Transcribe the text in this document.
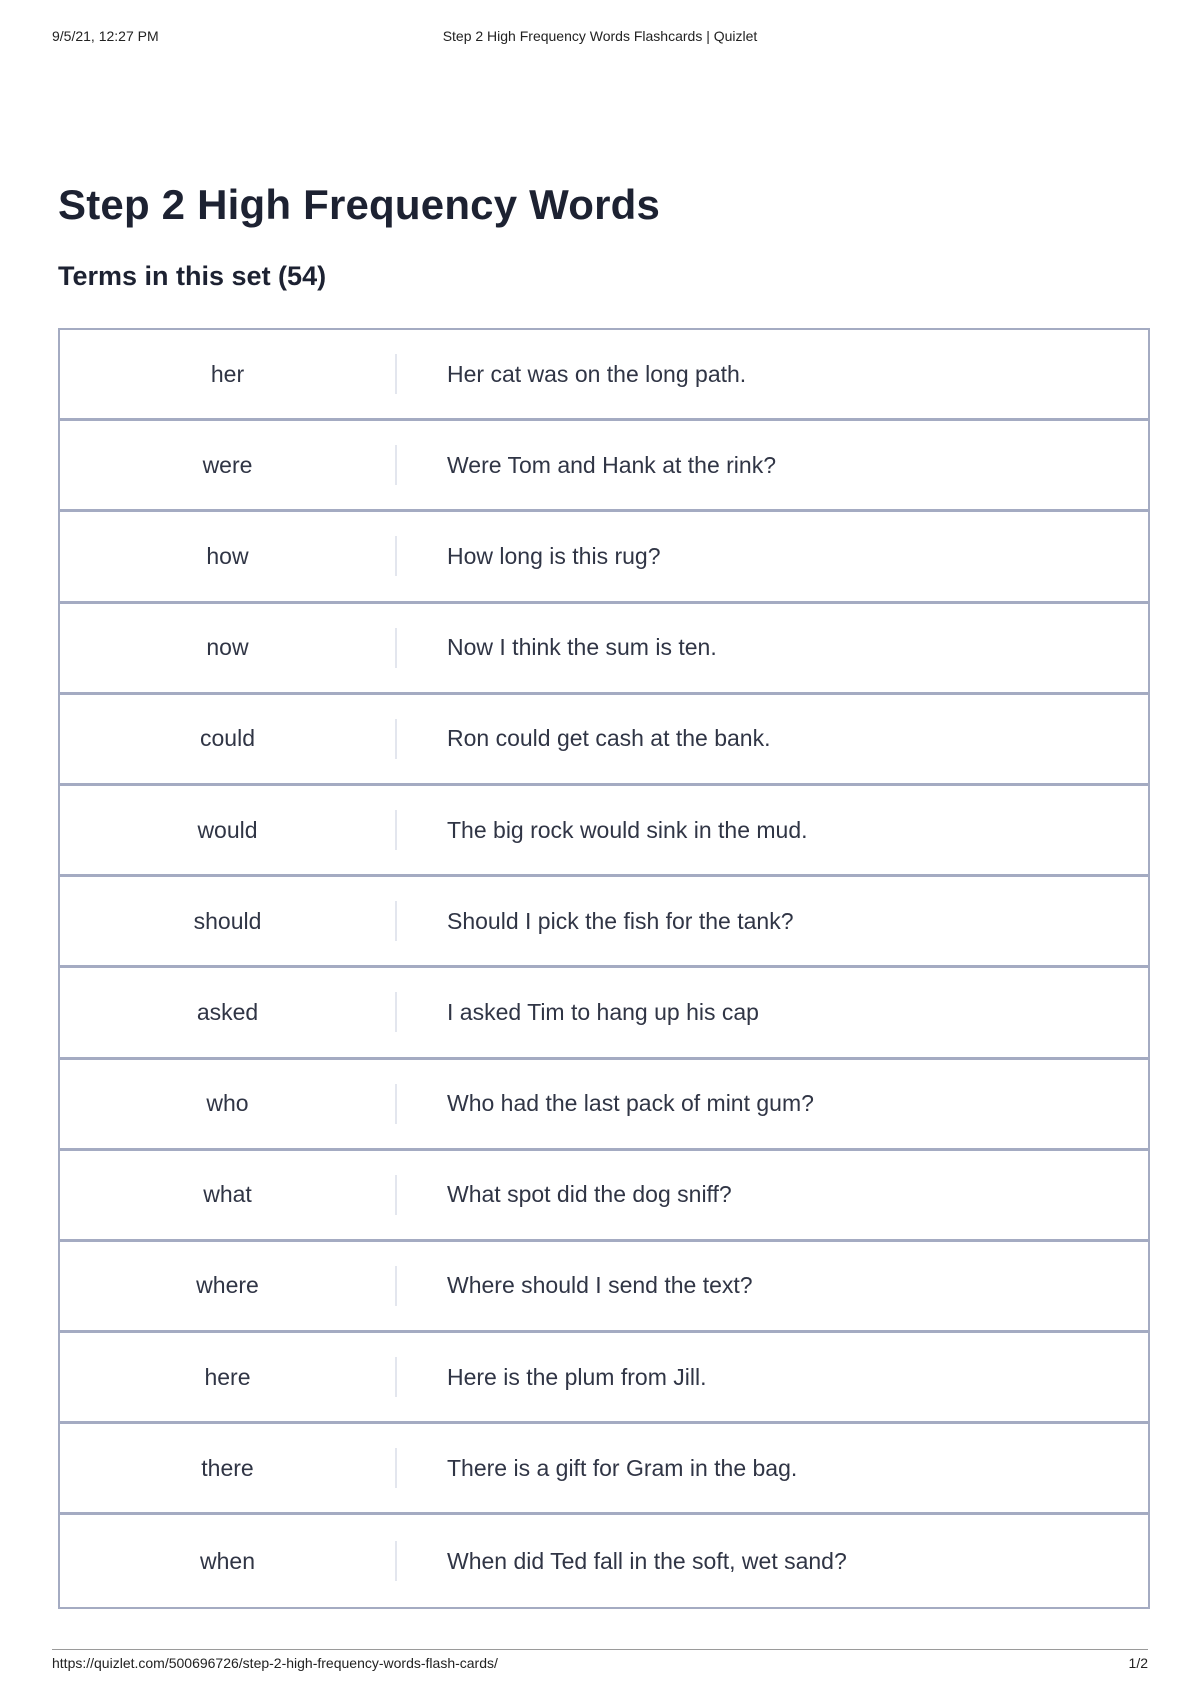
9/5/21, 12:27 PM	Step 2 High Frequency Words Flashcards | Quizlet
Step 2 High Frequency Words
Terms in this set (54)
her	Her cat was on the long path.
were	Were Tom and Hank at the rink?
how	How long is this rug?
now	Now I think the sum is ten.
could	Ron could get cash at the bank.
would	The big rock would sink in the mud.
should	Should I pick the fish for the tank?
asked	I asked Tim to hang up his cap
who	Who had the last pack of mint gum?
what	What spot did the dog sniff?
where	Where should I send the text?
here	Here is the plum from Jill.
there	There is a gift for Gram in the bag.
when	When did Ted fall in the soft, wet sand?
https://quizlet.com/500696726/step-2-high-frequency-words-flash-cards/	1/2
